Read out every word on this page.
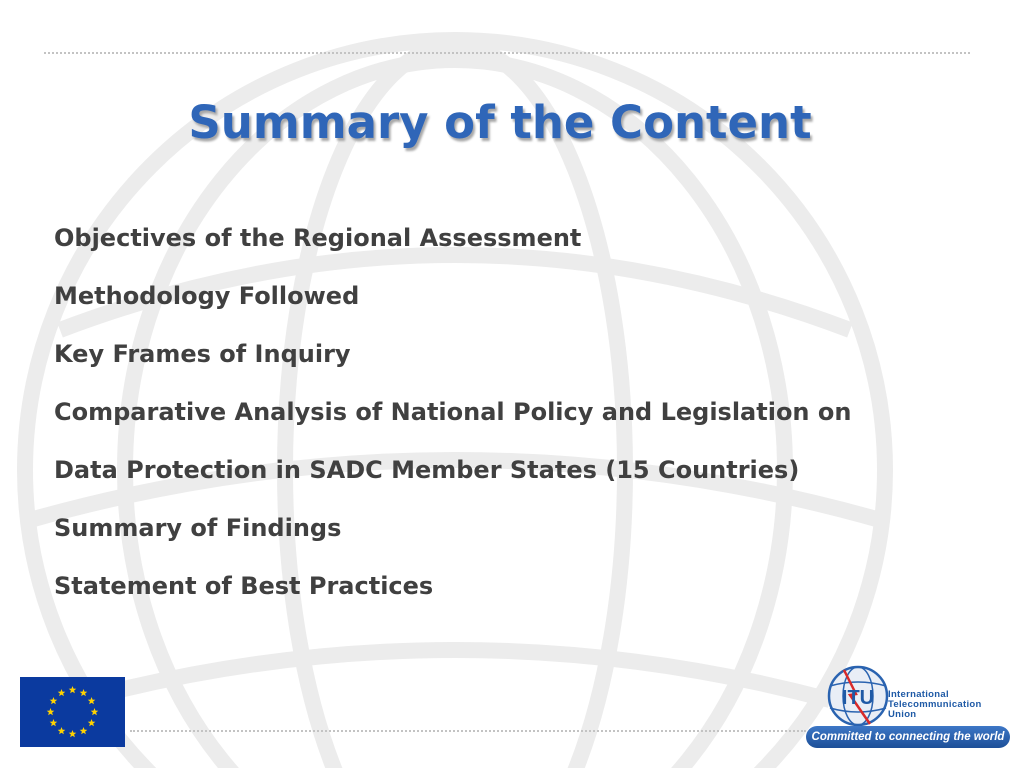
Summary of the Content
Objectives of the Regional Assessment
Methodology Followed
Key Frames of Inquiry
Comparative Analysis of National Policy and Legislation on
Data Protection in SADC Member States (15 Countries)
Summary of Findings
Statement of Best Practices
ITU International
Telecommunication
Union
Committed to connecting the world
